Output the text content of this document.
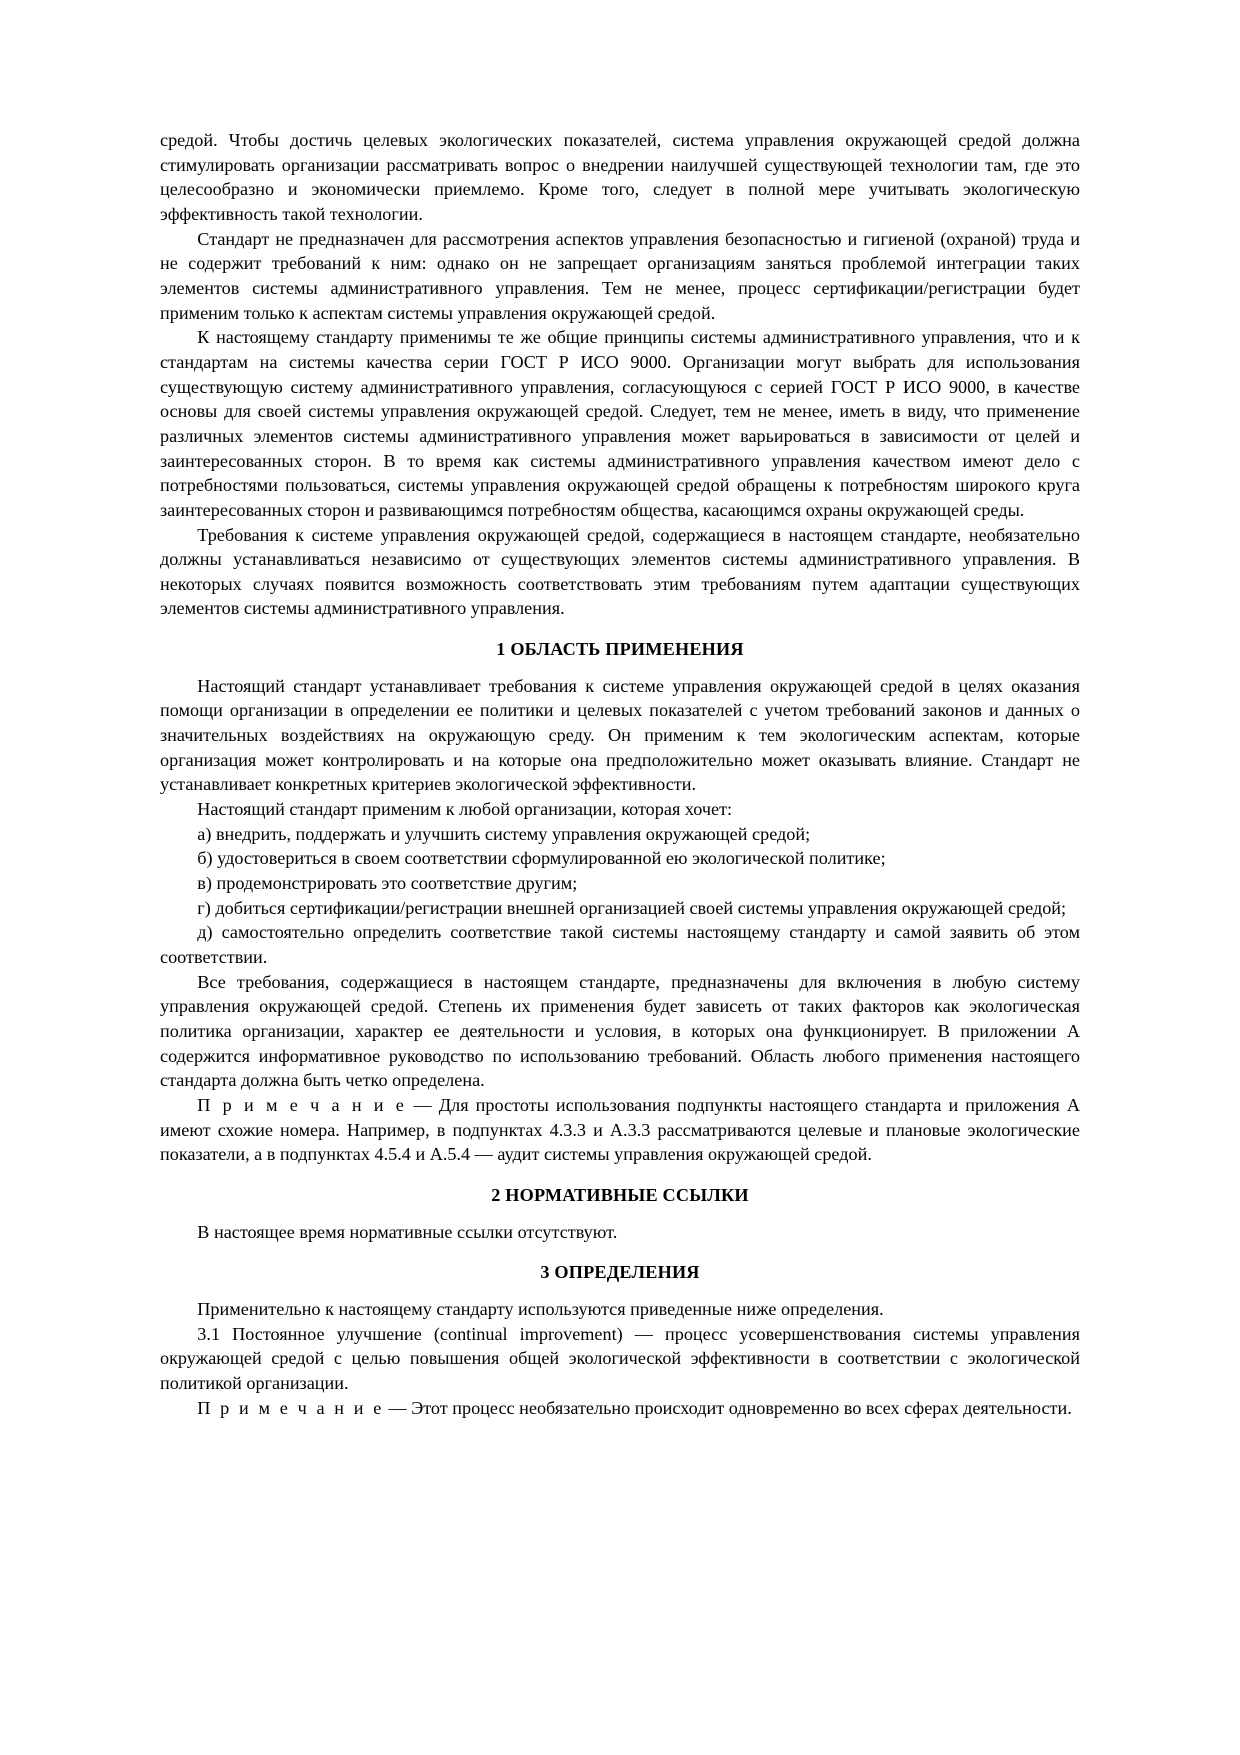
средой. Чтобы достичь целевых экологических показателей, система управления окружающей средой должна стимулировать организации рассматривать вопрос о внедрении наилучшей существующей технологии там, где это целесообразно и экономически приемлемо. Кроме того, следует в полной мере учитывать экологическую эффективность такой технологии.

Стандарт не предназначен для рассмотрения аспектов управления безопасностью и гигиеной (охраной) труда и не содержит требований к ним: однако он не запрещает организациям заняться проблемой интеграции таких элементов системы административного управления. Тем не менее, процесс сертификации/регистрации будет применим только к аспектам системы управления окружающей средой.

К настоящему стандарту применимы те же общие принципы системы административного управления, что и к стандартам на системы качества серии ГОСТ Р ИСО 9000. Организации могут выбрать для использования существующую систему административного управления, согласующуюся с серией ГОСТ Р ИСО 9000, в качестве основы для своей системы управления окружающей средой. Следует, тем не менее, иметь в виду, что применение различных элементов системы административного управления может варьироваться в зависимости от целей и заинтересованных сторон. В то время как системы административного управления качеством имеют дело с потребностями пользоваться, системы управления окружающей средой обращены к потребностям широкого круга заинтересованных сторон и развивающимся потребностям общества, касающимся охраны окружающей среды.

Требования к системе управления окружающей средой, содержащиеся в настоящем стандарте, необязательно должны устанавливаться независимо от существующих элементов системы административного управления. В некоторых случаях появится возможность соответствовать этим требованиям путем адаптации существующих элементов системы административного управления.

1 ОБЛАСТЬ ПРИМЕНЕНИЯ

Настоящий стандарт устанавливает требования к системе управления окружающей средой в целях оказания помощи организации в определении ее политики и целевых показателей с учетом требований законов и данных о значительных воздействиях на окружающую среду. Он применим к тем экологическим аспектам, которые организация может контролировать и на которые она предположительно может оказывать влияние. Стандарт не устанавливает конкретных критериев экологической эффективности.

Настоящий стандарт применим к любой организации, которая хочет:

а) внедрить, поддержать и улучшить систему управления окружающей средой;

б) удостовериться в своем соответствии сформулированной ею экологической политике;

в) продемонстрировать это соответствие другим;

г) добиться сертификации/регистрации внешней организацией своей системы управления окружающей средой;

д) самостоятельно определить соответствие такой системы настоящему стандарту и самой заявить об этом соответствии.

Все требования, содержащиеся в настоящем стандарте, предназначены для включения в любую систему управления окружающей средой. Степень их применения будет зависеть от таких факторов как экологическая политика организации, характер ее деятельности и условия, в которых она функционирует. В приложении А содержится информативное руководство по использованию требований. Область любого применения настоящего стандарта должна быть четко определена.

П р и м е ч а н и е — Для простоты использования подпункты настоящего стандарта и приложения А имеют схожие номера. Например, в подпунктах 4.3.3 и А.3.3 рассматриваются целевые и плановые экологические показатели, а в подпунктах 4.5.4 и А.5.4 — аудит системы управления окружающей средой.

2 НОРМАТИВНЫЕ ССЫЛКИ

В настоящее время нормативные ссылки отсутствуют.

3 ОПРЕДЕЛЕНИЯ

Применительно к настоящему стандарту используются приведенные ниже определения.

3.1 Постоянное улучшение (continual improvement) — процесс усовершенствования системы управления окружающей средой с целью повышения общей экологической эффективности в соответствии с экологической политикой организации.

П р и м е ч а н и е — Этот процесс необязательно происходит одновременно во всех сферах деятельности.
